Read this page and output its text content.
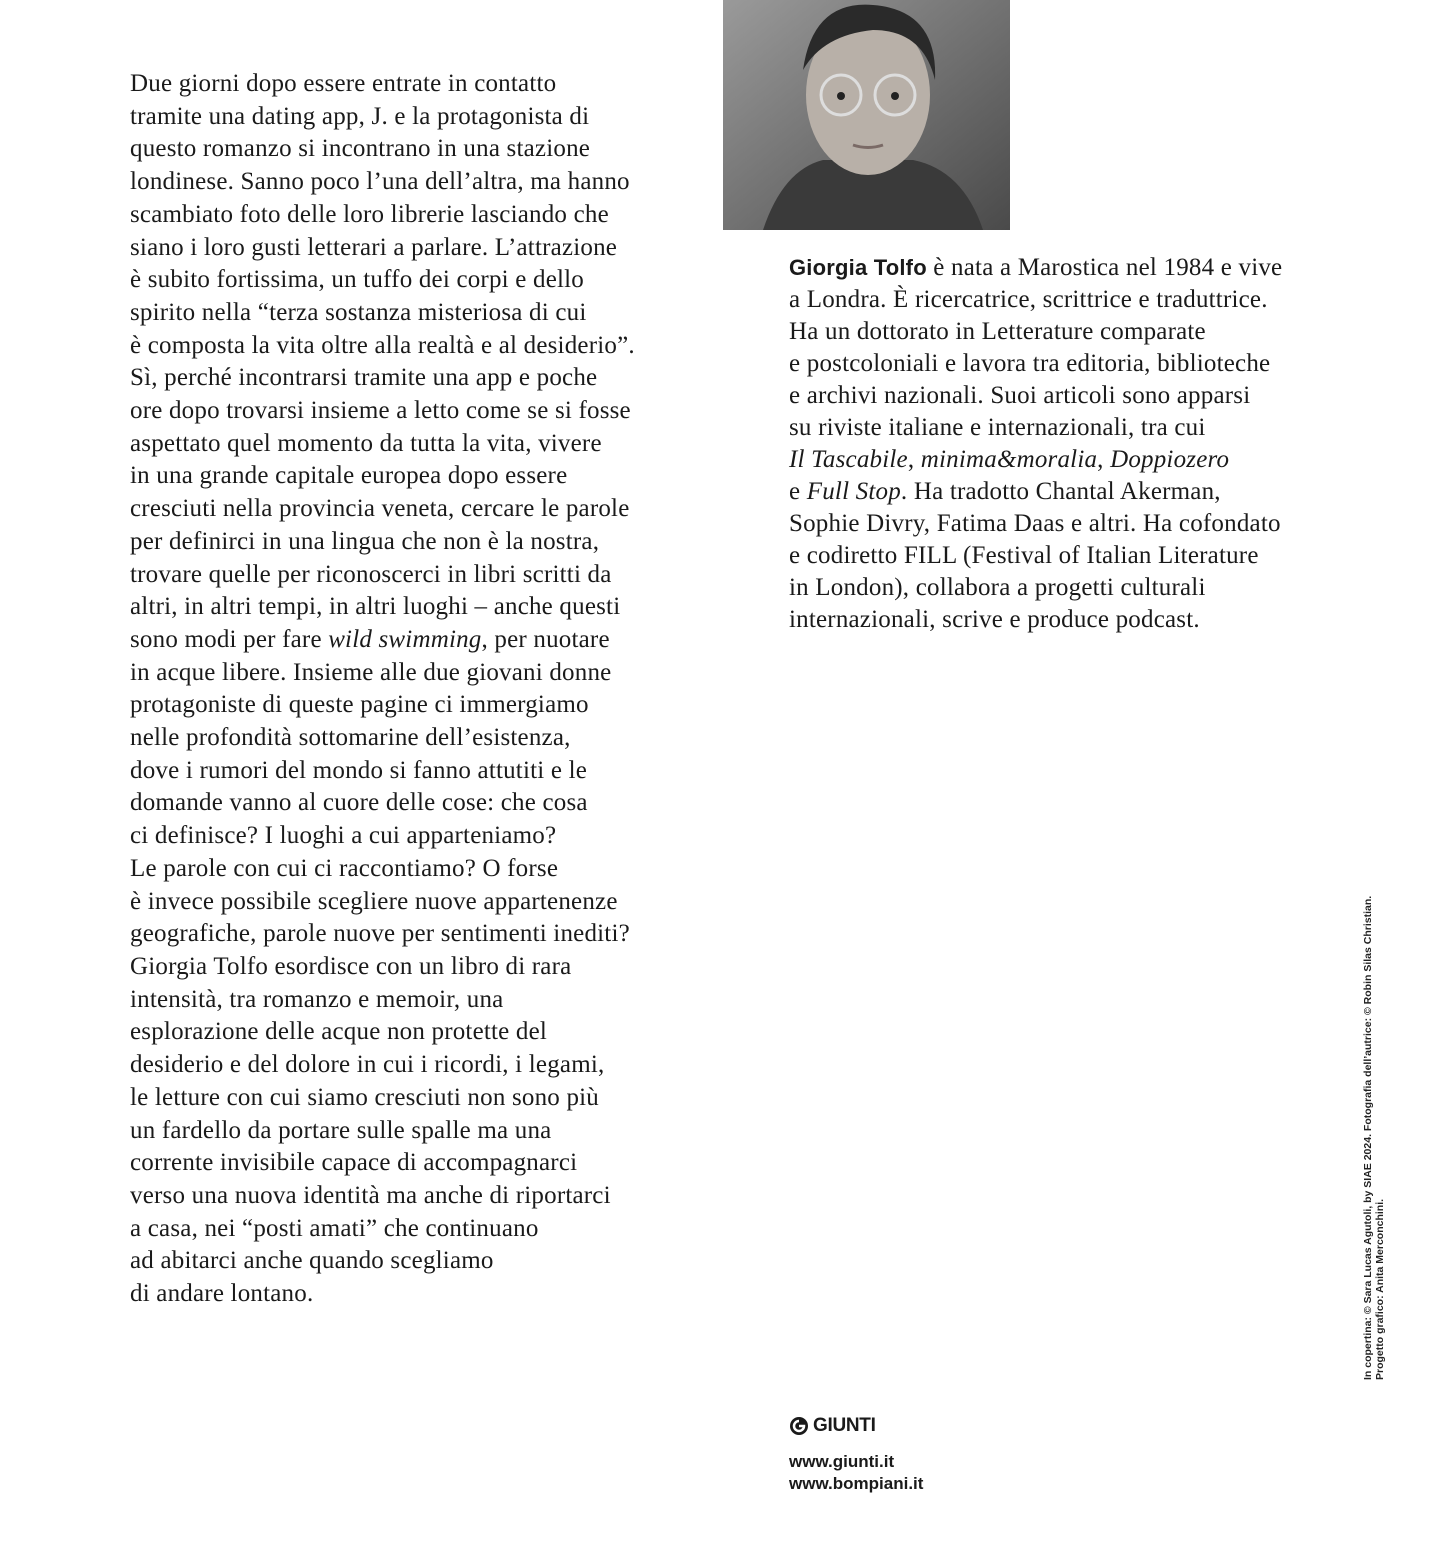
Due giorni dopo essere entrate in contatto
tramite una dating app, J. e la protagonista di
questo romanzo si incontrano in una stazione
londinese. Sanno poco l’una dell’altra, ma hanno
scambiato foto delle loro librerie lasciando che
siano i loro gusti letterari a parlare. L’attrazione
è subito fortissima, un tuffo dei corpi e dello
spirito nella “terza sostanza misteriosa di cui
è composta la vita oltre alla realtà e al desiderio”.
Sì, perché incontrarsi tramite una app e poche
ore dopo trovarsi insieme a letto come se si fosse
aspettato quel momento da tutta la vita, vivere
in una grande capitale europea dopo essere
cresciuti nella provincia veneta, cercare le parole
per definirci in una lingua che non è la nostra,
trovare quelle per riconoscerci in libri scritti da
altri, in altri tempi, in altri luoghi – anche questi
sono modi per fare wild swimming, per nuotare
in acque libere. Insieme alle due giovani donne
protagoniste di queste pagine ci immergiamo
nelle profondità sottomarine dell’esistenza,
dove i rumori del mondo si fanno attutiti e le
domande vanno al cuore delle cose: che cosa
ci definisce? I luoghi a cui apparteniamo?
Le parole con cui ci raccontiamo? O forse
è invece possibile scegliere nuove appartenenze
geografiche, parole nuove per sentimenti inediti?
Giorgia Tolfo esordisce con un libro di rara
intensità, tra romanzo e memoir, una
esplorazione delle acque non protette del
desiderio e del dolore in cui i ricordi, i legami,
le letture con cui siamo cresciuti non sono più
un fardello da portare sulle spalle ma una
corrente invisibile capace di accompagnarci
verso una nuova identità ma anche di riportarci
a casa, nei “posti amati” che continuano
ad abitarci anche quando scegliamo
di andare lontano.
Giorgia Tolfo è nata a Marostica nel 1984 e vive
a Londra. È ricercatrice, scrittrice e traduttrice.
Ha un dottorato in Letterature comparate
e postcoloniali e lavora tra editoria, biblioteche
e archivi nazionali. Suoi articoli sono apparsi
su riviste italiane e internazionali, tra cui
Il Tascabile, minima&moralia, Doppiozero
e Full Stop. Ha tradotto Chantal Akerman,
Sophie Divry, Fatima Daas e altri. Ha cofondato
e codiretto FILL (Festival of Italian Literature
in London), collabora a progetti culturali
internazionali, scrive e produce podcast.
GIUNTI
www.giunti.it
www.bompiani.it
In copertina: © Sara Lucas Agutoli, by SIAE 2024. Fotografia dell’autrice: © Robin Silas Christian. Progetto grafico: Anita Merconchini.
